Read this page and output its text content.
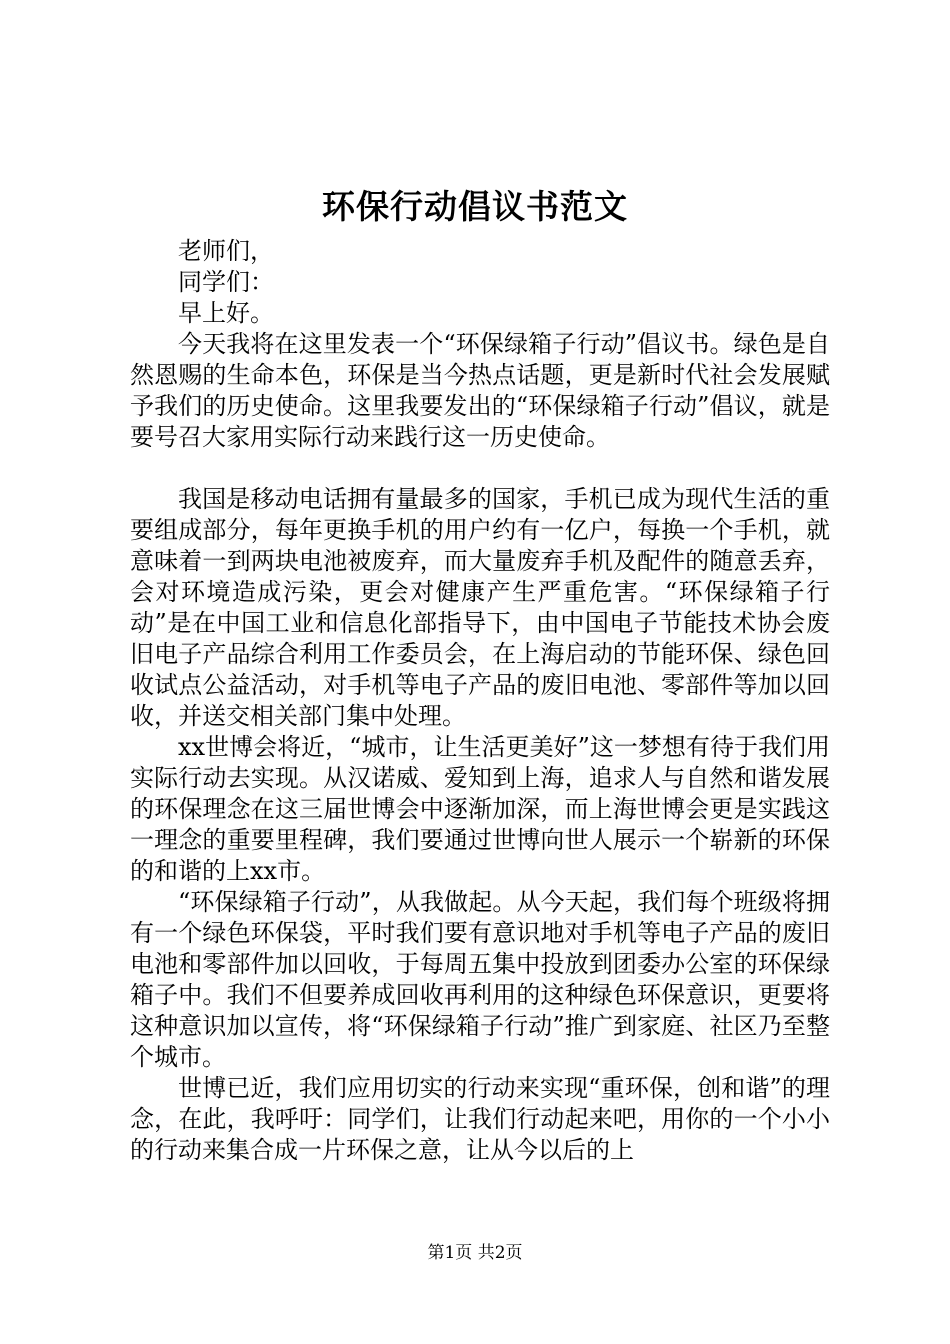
环保行动倡议书范文

老师们，

同学们：

早上好。

今天我将在这里发表一个“环保绿箱子行动”倡议书。绿色是自然恩赐的生命本色，环保是当今热点话题，更是新时代社会发展赋予我们的历史使命。这里我要发出的“环保绿箱子行动”倡议，就是要号召大家用实际行动来践行这一历史使命。

我国是移动电话拥有量最多的国家，手机已成为现代生活的重要组成部分，每年更换手机的用户约有一亿户，每换一个手机，就意味着一到两块电池被废弃，而大量废弃手机及配件的随意丢弃，会对环境造成污染，更会对健康产生严重危害。“环保绿箱子行动”是在中国工业和信息化部指导下，由中国电子节能技术协会废旧电子产品综合利用工作委员会，在上海启动的节能环保、绿色回收试点公益活动，对手机等电子产品的废旧电池、零部件等加以回收，并送交相关部门集中处理。

xx世博会将近，“城市，让生活更美好”这一梦想有待于我们用实际行动去实现。从汉诺威、爱知到上海，追求人与自然和谐发展的环保理念在这三届世博会中逐渐加深，而上海世博会更是实践这一理念的重要里程碑，我们要通过世博向世人展示一个崭新的环保的和谐的上xx市。

“环保绿箱子行动”，从我做起。从今天起，我们每个班级将拥有一个绿色环保袋，平时我们要有意识地对手机等电子产品的废旧电池和零部件加以回收，于每周五集中投放到团委办公室的环保绿箱子中。我们不但要养成回收再利用的这种绿色环保意识，更要将这种意识加以宣传，将“环保绿箱子行动”推广到家庭、社区乃至整个城市。

世博已近，我们应用切实的行动来实现“重环保，创和谐”的理念，在此，我呼吁：同学们，让我们行动起来吧，用你的一个小小的行动来集合成一片环保之意，让从今以后的上

第1页 共2页
